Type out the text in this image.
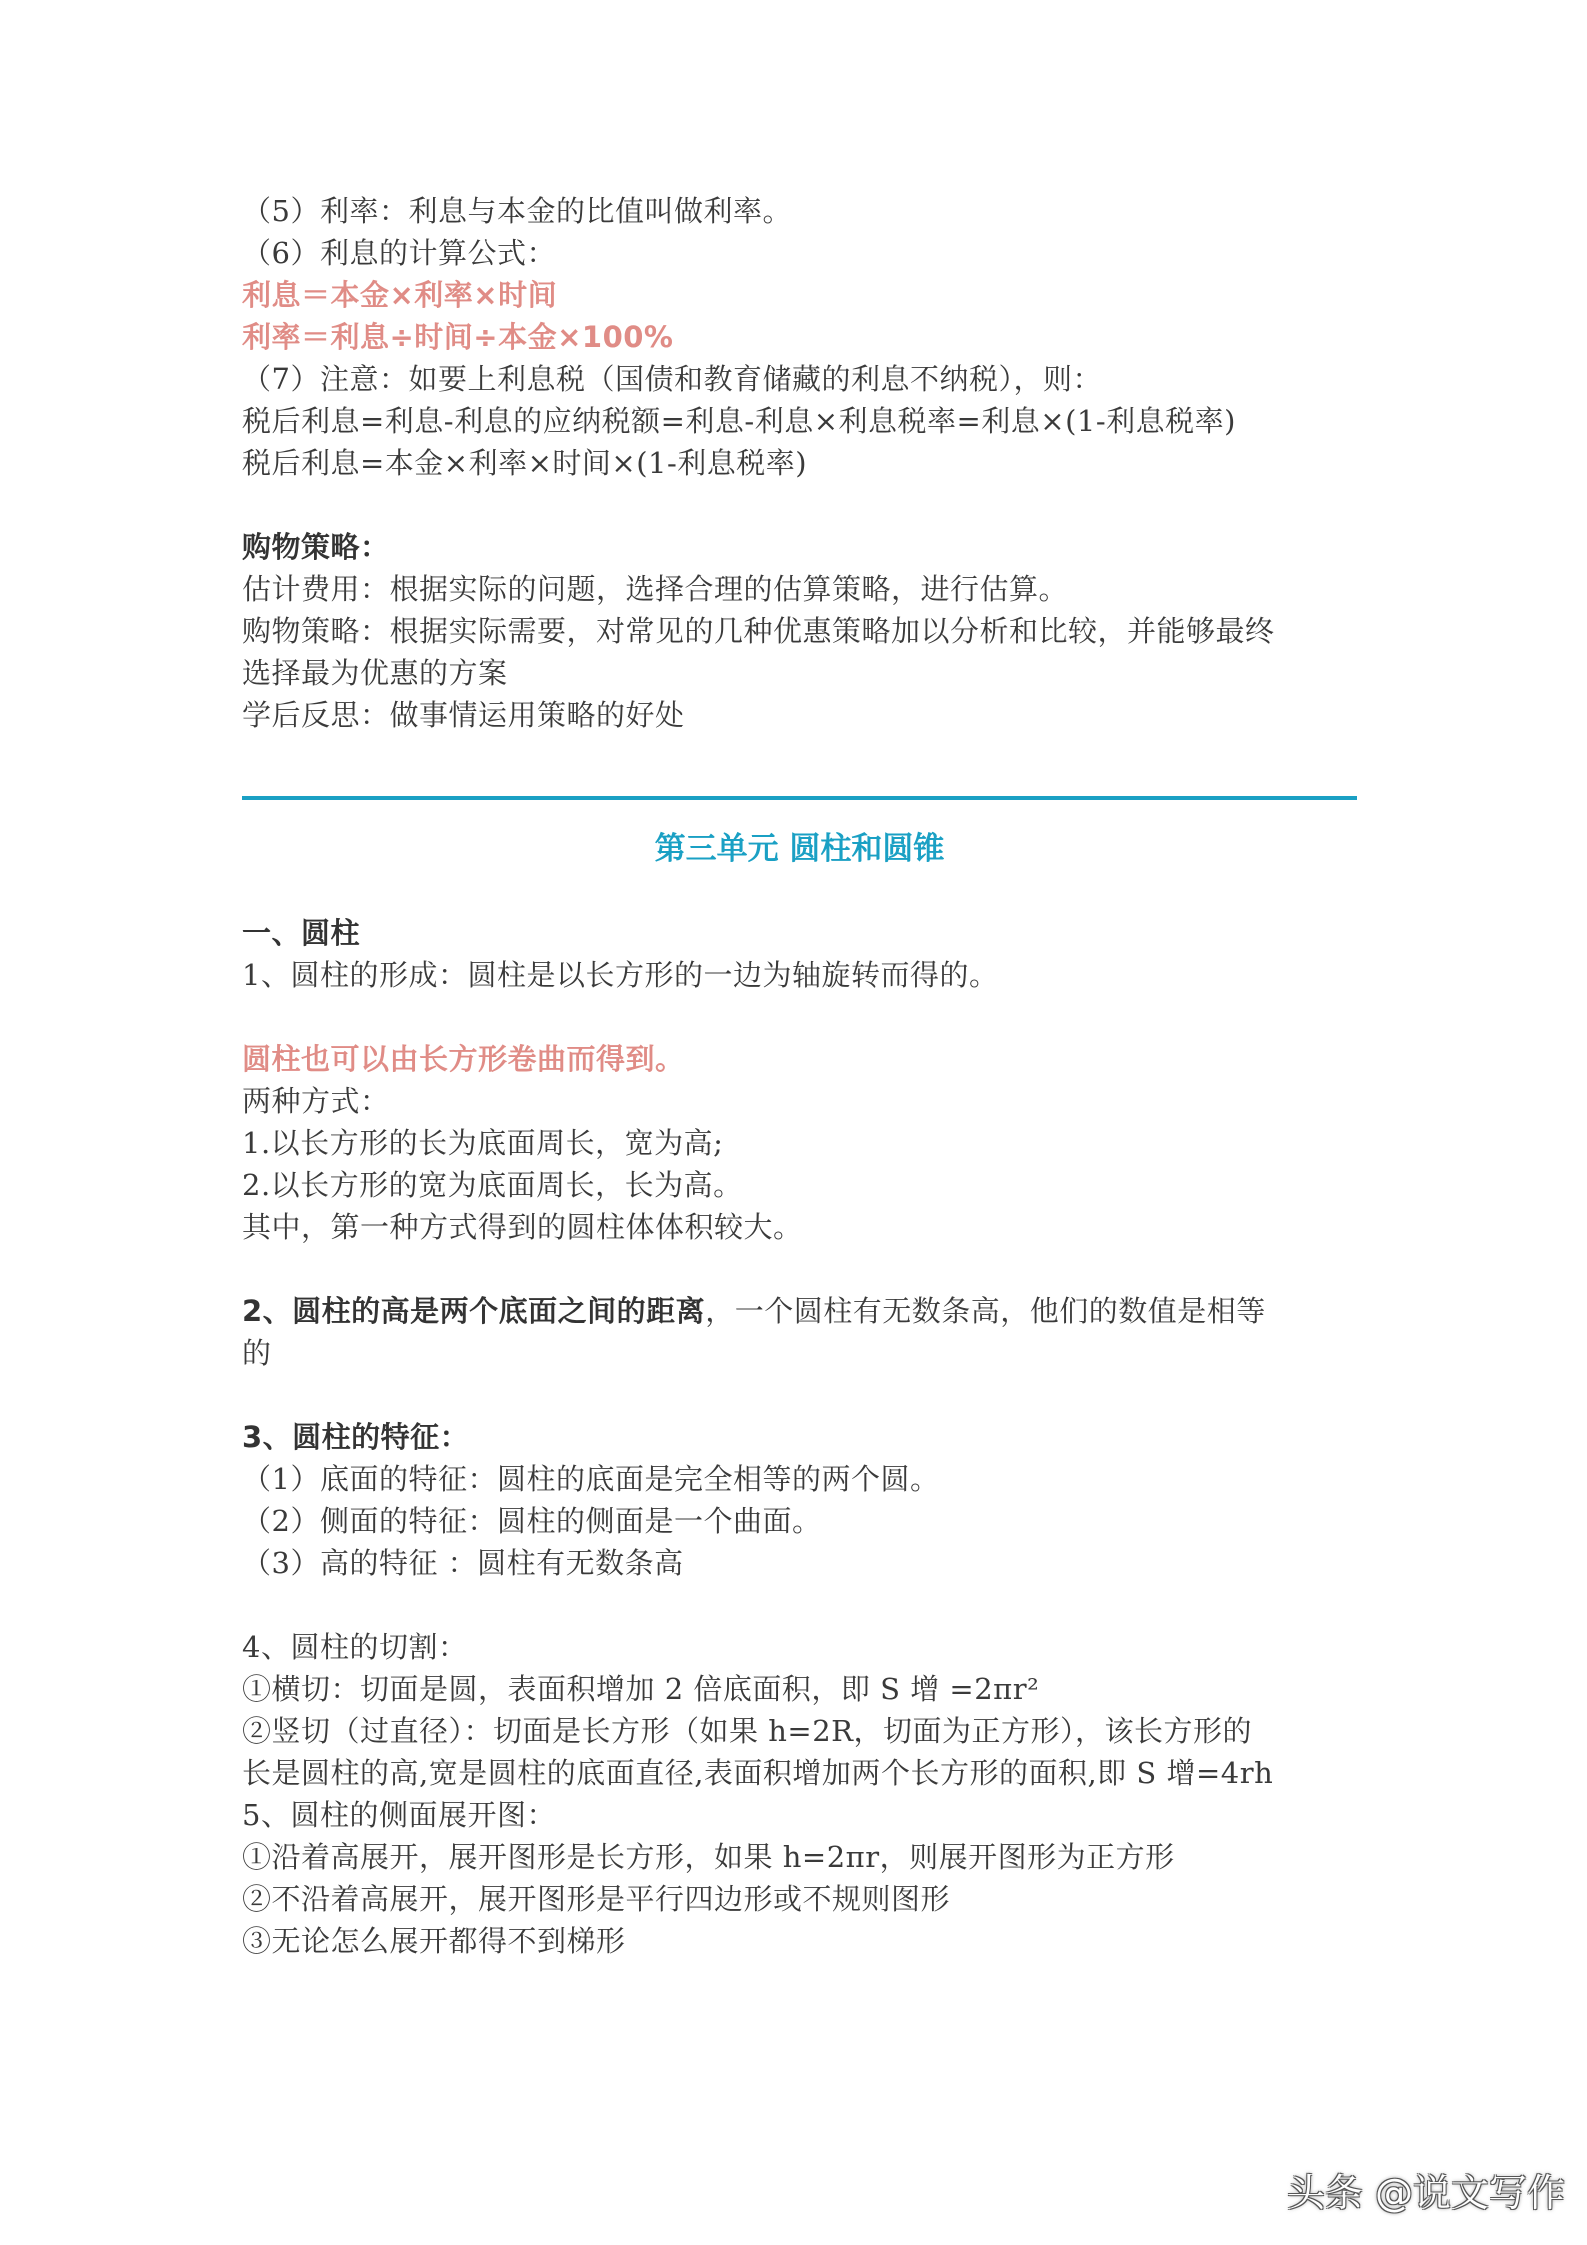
（5）利率：利息与本金的比值叫做利率。
（6）利息的计算公式：
利息＝本金×利率×时间
利率＝利息÷时间÷本金×100%
（7）注意：如要上利息税（国债和教育储藏的利息不纳税），则：
税后利息=利息-利息的应纳税额=利息-利息×利息税率=利息×(1-利息税率)
税后利息=本金×利率×时间×(1-利息税率)
购物策略：
估计费用：根据实际的问题，选择合理的估算策略，进行估算。
购物策略：根据实际需要，对常见的几种优惠策略加以分析和比较，并能够最终
选择最为优惠的方案
学后反思：做事情运用策略的好处
第三单元 圆柱和圆锥
一、圆柱
1、圆柱的形成：圆柱是以长方形的一边为轴旋转而得的。
圆柱也可以由长方形卷曲而得到。
两种方式：
1.以长方形的长为底面周长，宽为高;
2.以长方形的宽为底面周长，长为高。
其中，第一种方式得到的圆柱体体积较大。
2、圆柱的高是两个底面之间的距离，一个圆柱有无数条高，他们的数值是相等
的
3、圆柱的特征：
（1）底面的特征：圆柱的底面是完全相等的两个圆。
（2）侧面的特征：圆柱的侧面是一个曲面。
（3）高的特征 ：圆柱有无数条高
4、圆柱的切割：
①横切：切面是圆，表面积增加 2 倍底面积，即 S 增 =2πr²
②竖切（过直径）：切面是长方形（如果 h=2R，切面为正方形），该长方形的
长是圆柱的高,宽是圆柱的底面直径,表面积增加两个长方形的面积,即 S 增=4rh
5、圆柱的侧面展开图：
①沿着高展开，展开图形是长方形，如果 h=2πr，则展开图形为正方形
②不沿着高展开，展开图形是平行四边形或不规则图形
③无论怎么展开都得不到梯形
头条 @说文写作
